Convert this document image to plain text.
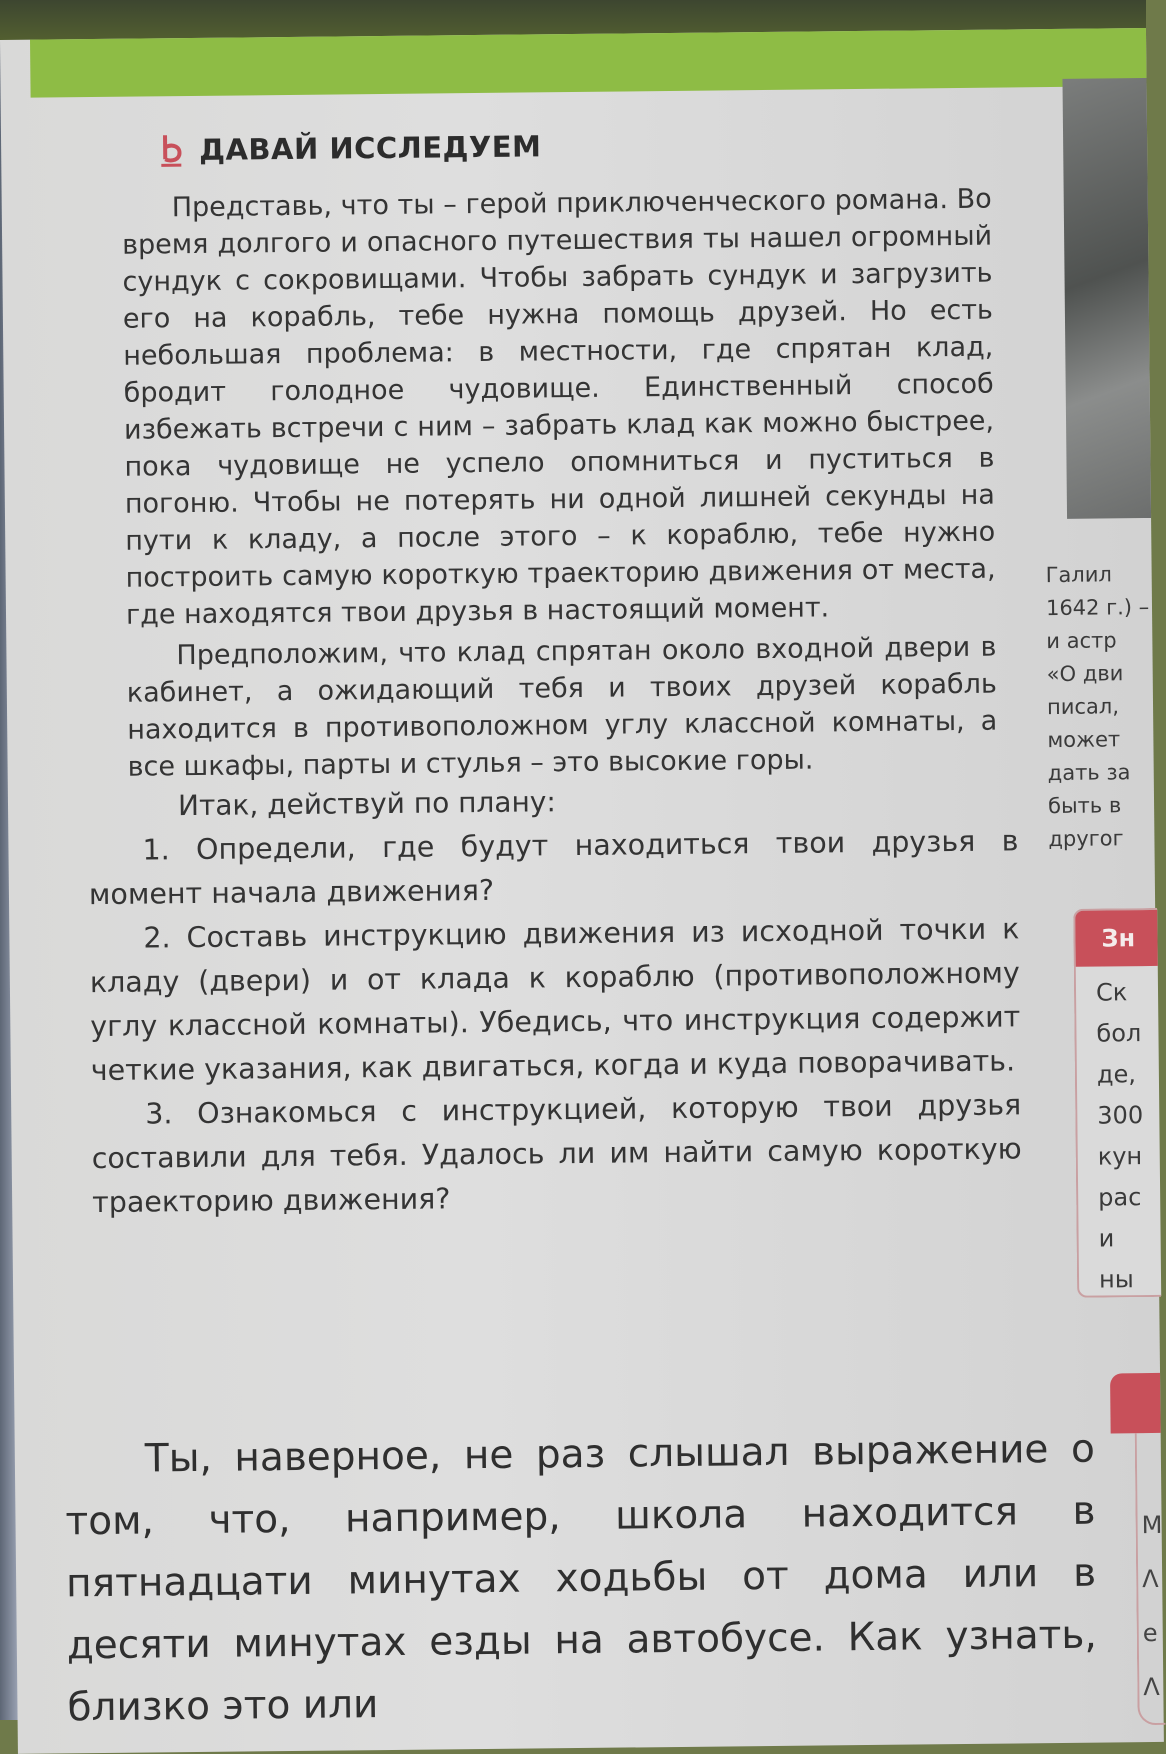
ДАВАЙ ИССЛЕДУЕМ

Представь, что ты – герой приключенческого романа. Во время долгого и опасного путешествия ты нашел огромный сундук с сокровищами. Чтобы забрать сундук и загрузить его на корабль, тебе нужна помощь друзей. Но есть небольшая проблема: в местности, где спрятан клад, бродит голодное чудовище. Единственный способ избежать встречи с ним – забрать клад как можно быстрее, пока чудовище не успело опомниться и пуститься в погоню. Чтобы не потерять ни одной лишней секунды на пути к кладу, а после этого – к кораблю, тебе нужно построить самую короткую траекторию движения от места, где находятся твои друзья в настоящий момент.

Предположим, что клад спрятан около входной двери в кабинет, а ожидающий тебя и твоих друзей корабль находится в противоположном углу классной комнаты, а все шкафы, парты и стулья – это высокие горы.

Итак, действуй по плану:

1. Определи, где будут находиться твои друзья в момент начала движения?

2. Составь инструкцию движения из исходной точки к кладу (двери) и от клада к кораблю (противоположному углу классной комнаты). Убедись, что инструкция содержит четкие указания, как двигаться, когда и куда поворачивать.

3. Ознакомься с инструкцией, которую твои друзья составили для тебя. Удалось ли им найти самую короткую траекторию движения?

Ты, наверное, не раз слышал выражение о том, что, например, школа находится в пятнадцати минутах ходьбы от дома или в десяти минутах езды на автобусе. Как узнать, близко это или

Галил
1642 г.) –
и астр
«О дви
писал,
может
дать за
быть в
другог
Зн
Ск
бол
де,
300
кун
рас
и
ны
М
Λ
е
Λ
